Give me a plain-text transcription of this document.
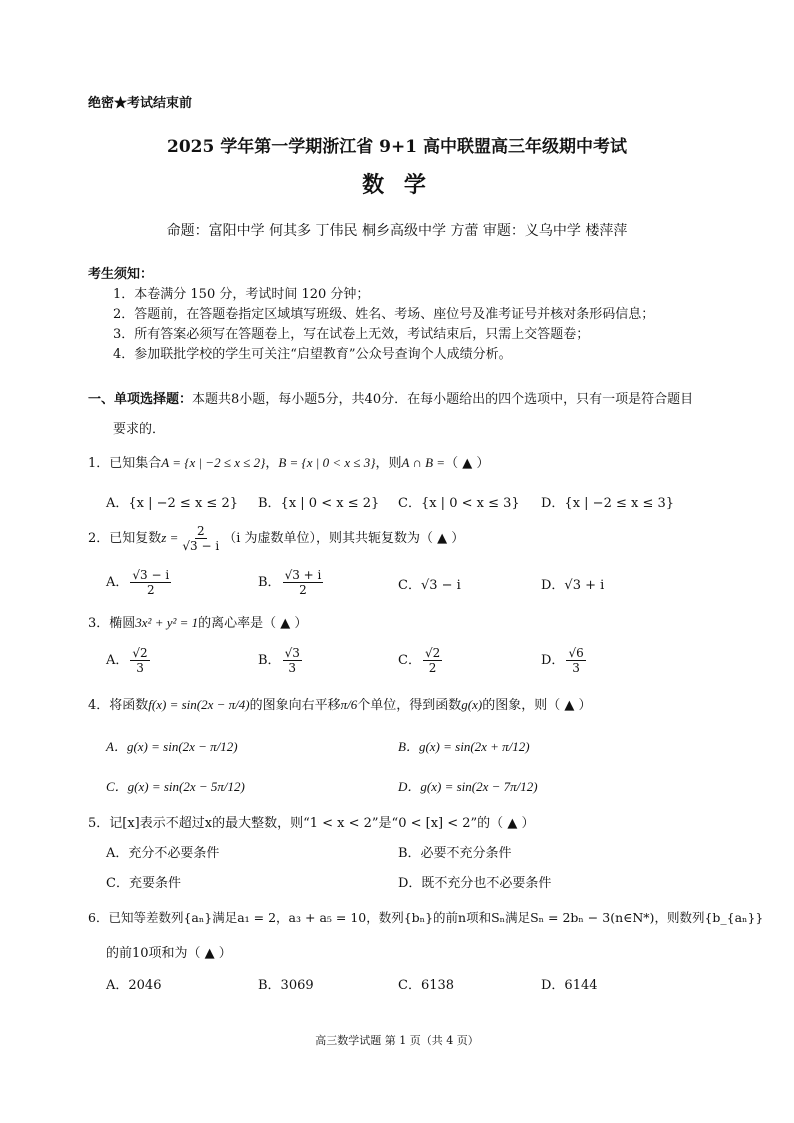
绝密★考试结束前
2025 学年第一学期浙江省 9+1 高中联盟高三年级期中考试
数 学
命题：富阳中学 何其多 丁伟民 桐乡高级中学 方蕾 审题：义乌中学 楼萍萍
考生须知：
1．本卷满分 150 分，考试时间 120 分钟；
2．答题前，在答题卷指定区域填写班级、姓名、考场、座位号及准考证号并核对条形码信息；
3．所有答案必须写在答题卷上，写在试卷上无效，考试结束后，只需上交答题卷；
4．参加联批学校的学生可关注“启望教育”公众号查询个人成绩分析。
一、单项选择题：本题共8小题，每小题5分，共40分．在每小题给出的四个选项中，只有一项是符合题目
要求的．
1．已知集合A = {x | −2 ≤ x ≤ 2}，B = {x | 0 < x ≤ 3}，则A ∩ B =（ ▲ ）
A．{x | −2 ≤ x ≤ 2} B．{x | 0 < x ≤ 2} C．{x | 0 < x ≤ 3} D．{x | −2 ≤ x ≤ 3}
2．已知复数$z = \frac{2}{√3 - i} (i$ 为虚数单位），则其共轭复数为（ ▲ ）
A． $\frac{√3 - i}{2}$	B． $\frac{√3 + i}{2}$	C．√3 − i	D．√3 + i
3．椭圆3x² + y² = 1的离心率是（ ▲ ）
A． $\frac{√2}{3}$	B． $\frac{√3}{3}$	C． $\frac{√2}{2}$	D． $\frac{√6}{3}$
4．将函数f(x) = sin(2x − π/4)的图象向右平移π/6个单位，得到函数g(x)的图象，则（ ▲ ）
A．g(x) = sin(2x − π/12)	B．g(x) = sin(2x + π/12)
C．g(x) = sin(2x − 5π/12)	D．g(x) = sin(2x − 7π/12)
5．记[x]表示不超过x的最大整数，则“1 < x < 2”是“0 < [x] < 2”的（ ▲ ）
A．充分不必要条件	B．必要不充分条件
C．充要条件	D．既不充分也不必要条件
6．已知等差数列{aₙ}满足a₁ = 2，a₃ + a₅ = 10，数列{bₙ}的前n项和Sₙ满足Sₙ = 2bₙ − 3(n∈N*)，则数列{b_{aₙ}}
的前10项和为（ ▲ ）
A．2046	B．3069	C．6138	D．6144
高三数学试题 第 1 页（共 4 页）
